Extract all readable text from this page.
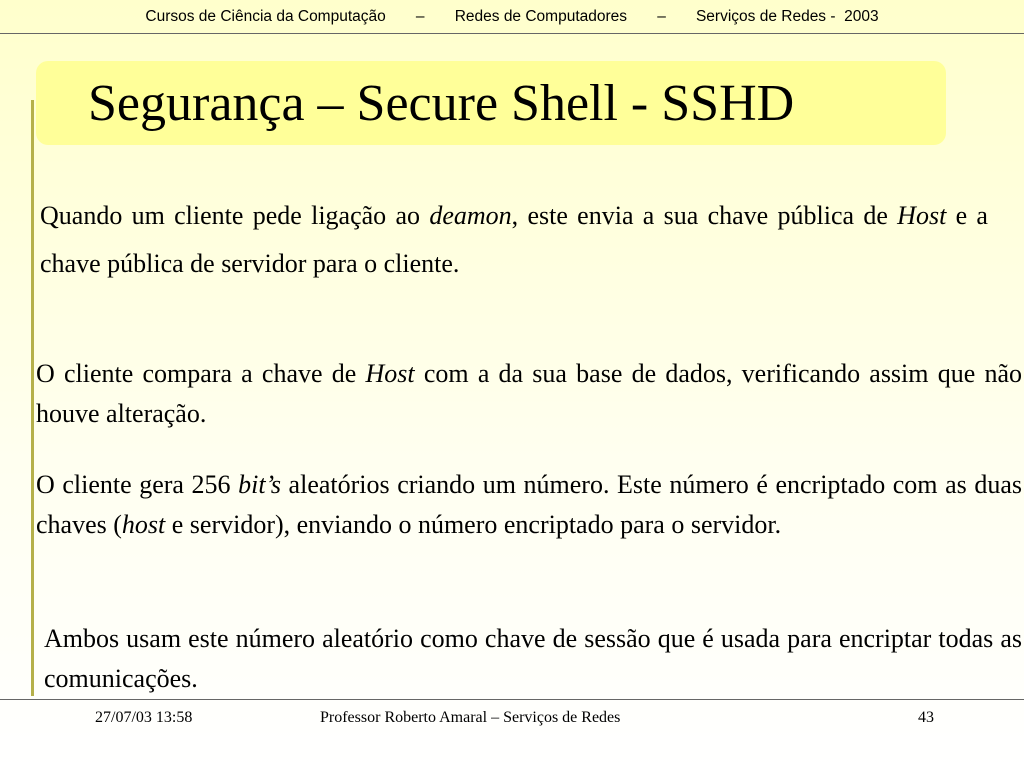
Cursos de Ciência da Computação
–
Redes de Computadores
–
Serviços de Redes -  2003
Segurança – Secure Shell - SSHD
Quando um cliente pede ligação ao deamon, este envia a sua chave pública de Host e a chave pública de servidor para o cliente.
O cliente compara a chave de Host com a da sua base de dados, verificando assim que não houve alteração.
O cliente gera 256 bit’s aleatórios criando um número. Este número é encriptado com as duas chaves (host e servidor), enviando o número encriptado para o servidor.
Ambos usam este número aleatório como chave de sessão que é usada para encriptar todas as comunicações.
27/07/03 13:58	Professor Roberto Amaral – Serviços de Redes	43
